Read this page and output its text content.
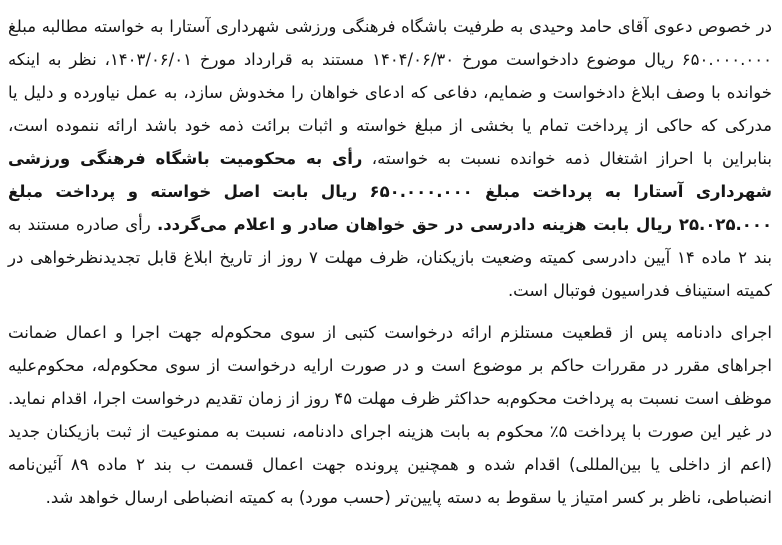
در خصوص دعوی آقای حامد وحیدی به طرفیت باشگاه فرهنگی ورزشی شهرداری آستارا به خواسته مطالبه مبلغ ۶۵۰.۰۰۰.۰۰۰ ریال موضوع دادخواست مورخ ۱۴۰۴/۰۶/۳۰ مستند به قرارداد مورخ ۱۴۰۳/۰۶/۰۱، نظر به اینکه خوانده با وصف ابلاغ دادخواست و ضمایم، دفاعی که ادعای خواهان را مخدوش سازد، به عمل نیاورده و دلیل یا مدرکی که حاکی از پرداخت تمام یا بخشی از مبلغ خواسته و اثبات برائت ذمه خود باشد ارائه ننموده است، بنابراین با احراز اشتغال ذمه خوانده نسبت به خواسته، رأی به محکومیت باشگاه فرهنگی ورزشی شهرداری آستارا به پرداخت مبلغ ۶۵۰.۰۰۰.۰۰۰ ریال بابت اصل خواسته و پرداخت مبلغ ۲۵.۰۲۵.۰۰۰ ریال بابت هزینه دادرسی در حق خواهان صادر و اعلام می‌گردد. رأی صادره مستند به بند ۲ ماده ۱۴ آیین دادرسی کمیته وضعیت بازیکنان، ظرف مهلت ۷ روز از تاریخ ابلاغ قابل تجدیدنظرخواهی در کمیته استیناف فدراسیون فوتبال است.

اجرای دادنامه پس از قطعیت مستلزم ارائه درخواست کتبی از سوی محکوم‌له جهت اجرا و اعمال ضمانت اجراهای مقرر در مقررات حاکم بر موضوع است و در صورت ارایه درخواست از سوی محکوم‌له، محکوم‌علیه موظف است نسبت به پرداخت محکوم‌به حداکثر ظرف مهلت ۴۵ روز از زمان تقدیم درخواست اجرا، اقدام نماید. در غیر این صورت با پرداخت ۵٪ محکوم به بابت هزینه اجرای دادنامه، نسبت به ممنوعیت از ثبت بازیکنان جدید (اعم از داخلی یا بین‌المللی) اقدام شده و همچنین پرونده جهت اعمال قسمت ب بند ۲ ماده ۸۹ آئین‌نامه انضباطی، ناظر بر کسر امتیاز یا سقوط به دسته پایین‌تر (حسب مورد) به کمیته انضباطی ارسال خواهد شد.
